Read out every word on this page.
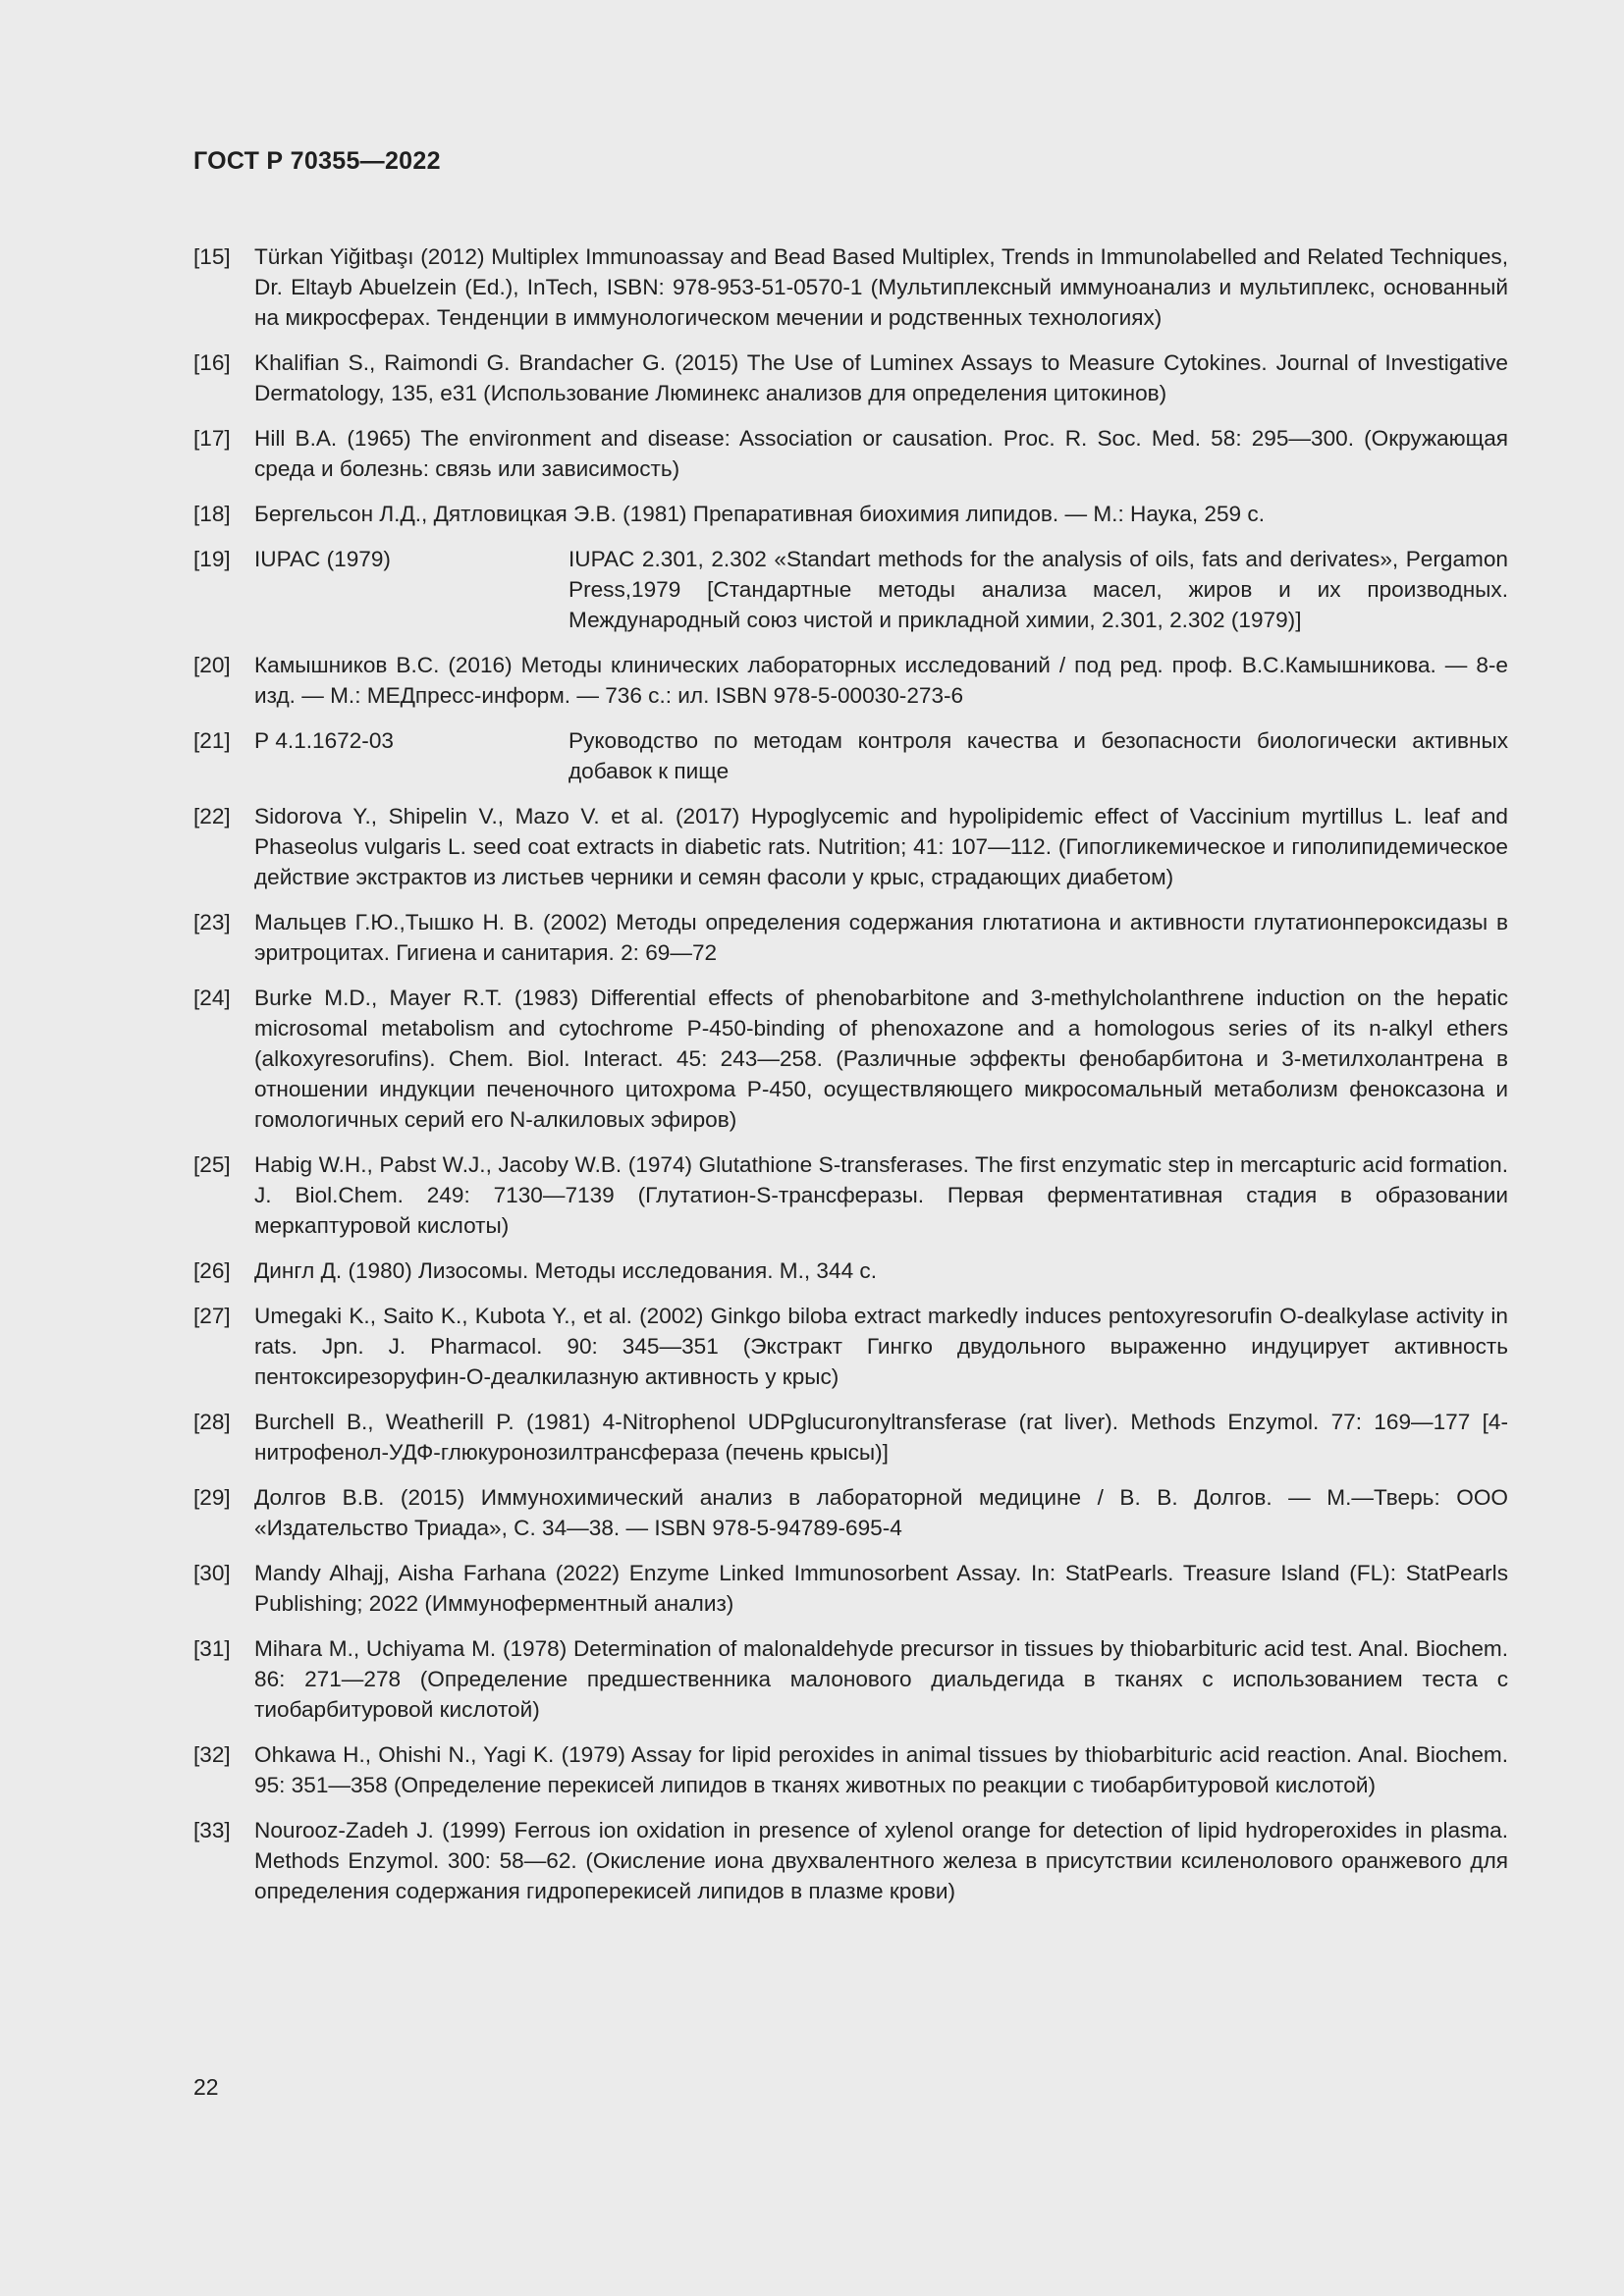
ГОСТ Р 70355—2022
[15]	Türkan Yiğitbaşı (2012) Multiplex Immunoassay and Bead Based Multiplex, Trends in Immunolabelled and Related Techniques, Dr. Eltayb Abuelzein (Ed.), InTech, ISBN: 978-953-51-0570-1 (Мультиплексный иммуноанализ и мультиплекс, основанный на микросферах. Тенденции в иммунологическом мечении и родственных технологиях)
[16]	Khalifian S., Raimondi G. Brandacher G. (2015) The Use of Luminex Assays to Measure Cytokines. Journal of Investigative Dermatology, 135, e31 (Использование Люминекс анализов для определения цитокинов)
[17]	Hill B.A. (1965) The environment and disease: Association or causation. Proc. R. Soc. Med. 58: 295—300. (Окружающая среда и болезнь: связь или зависимость)
[18]	Бергельсон Л.Д., Дятловицкая Э.В. (1981) Препаративная биохимия липидов. — М.: Наука, 259 с.
[19]	IUPAC (1979)	IUPAC 2.301, 2.302 «Standart methods for the analysis of oils, fats and derivates», Pergamon Press,1979 [Стандартные методы анализа масел, жиров и их производных. Международный союз чистой и прикладной химии, 2.301, 2.302 (1979)]
[20]	Камышников В.С. (2016) Методы клинических лабораторных исследований / под ред. проф. В.С.Камышникова. — 8-е изд. — М.: МЕДпресс-информ. — 736 с.: ил. ISBN 978-5-00030-273-6
[21]	Р 4.1.1672-03	Руководство по методам контроля качества и безопасности биологически активных добавок к пище
[22]	Sidorova Y., Shipelin V., Mazo V. et al. (2017) Hypoglycemic and hypolipidemic effect of Vaccinium myrtillus L. leaf and Phaseolus vulgaris L. seed coat extracts in diabetic rats. Nutrition; 41: 107—112. (Гипогликемическое и гиполипидемическое действие экстрактов из листьев черники и семян фасоли у крыс, страдающих диабетом)
[23]	Мальцев Г.Ю.,Тышко Н. В. (2002) Методы определения содержания глютатиона и активности глутатионпероксидазы в эритроцитах. Гигиена и санитария. 2: 69—72
[24]	Burke M.D., Mayer R.T. (1983) Differential effects of phenobarbitone and 3-methylcholanthrene induction on the hepatic microsomal metabolism and cytochrome P-450-binding of phenoxazone and a homologous series of its n-alkyl ethers (alkoxyresorufins). Chem. Biol. Interact. 45: 243—258. (Различные эффекты фенобарбитона и 3-метилхолантрена в отношении индукции печеночного цитохрома Р-450, осуществляющего микросомальный метаболизм феноксазона и гомологичных серий его N-алкиловых эфиров)
[25]	Habig W.H., Pabst W.J., Jacoby W.B. (1974) Glutathione S-transferases. The first enzymatic step in mercapturic acid formation. J. Biol.Chem. 249: 7130—7139 (Глутатион-S-трансферазы. Первая ферментативная стадия в образовании меркаптуровой кислоты)
[26]	Дингл Д. (1980) Лизосомы. Методы исследования. М., 344 с.
[27]	Umegaki K., Saito K., Kubota Y., et al. (2002) Ginkgo biloba extract markedly induces pentoxyresorufin O-dealkylase activity in rats. Jpn. J. Pharmacol. 90: 345—351 (Экстракт Гингко двудольного выраженно индуцирует активность пентоксирезоруфин-О-деалкилазную активность у крыс)
[28]	Burchell B., Weatherill P. (1981) 4-Nitrophenol UDPglucuronyltransferase (rat liver). Methods Enzymol. 77: 169—177 [4-нитрофенол-УДФ-глюкуронозилтрансфераза (печень крысы)]
[29]	Долгов В.В. (2015) Иммунохимический анализ в лабораторной медицине / В. В. Долгов. — М.—Тверь: ООО «Издательство Триада», С. 34—38. — ISBN 978-5-94789-695-4
[30]	Mandy Alhajj, Aisha Farhana (2022) Enzyme Linked Immunosorbent Assay. In: StatPearls. Treasure Island (FL): StatPearls Publishing; 2022 (Иммуноферментный анализ)
[31]	Mihara M., Uchiyama M. (1978) Determination of malonaldehyde precursor in tissues by thiobarbituric acid test. Anal. Biochem. 86: 271—278 (Определение предшественника малонового диальдегида в тканях с использованием теста с тиобарбитуровой кислотой)
[32]	Ohkawa H., Ohishi N., Yagi K. (1979) Assay for lipid peroxides in animal tissues by thiobarbituric acid reaction. Anal. Biochem. 95: 351—358 (Определение перекисей липидов в тканях животных по реакции с тиобарбитуровой кислотой)
[33]	Nourooz-Zadeh J. (1999) Ferrous ion oxidation in presence of xylenol orange for detection of lipid hydroperoxides in plasma. Methods Enzymol. 300: 58—62. (Окисление иона двухвалентного железа в присутствии ксиленолового оранжевого для определения содержания гидроперекисей липидов в плазме крови)
22
